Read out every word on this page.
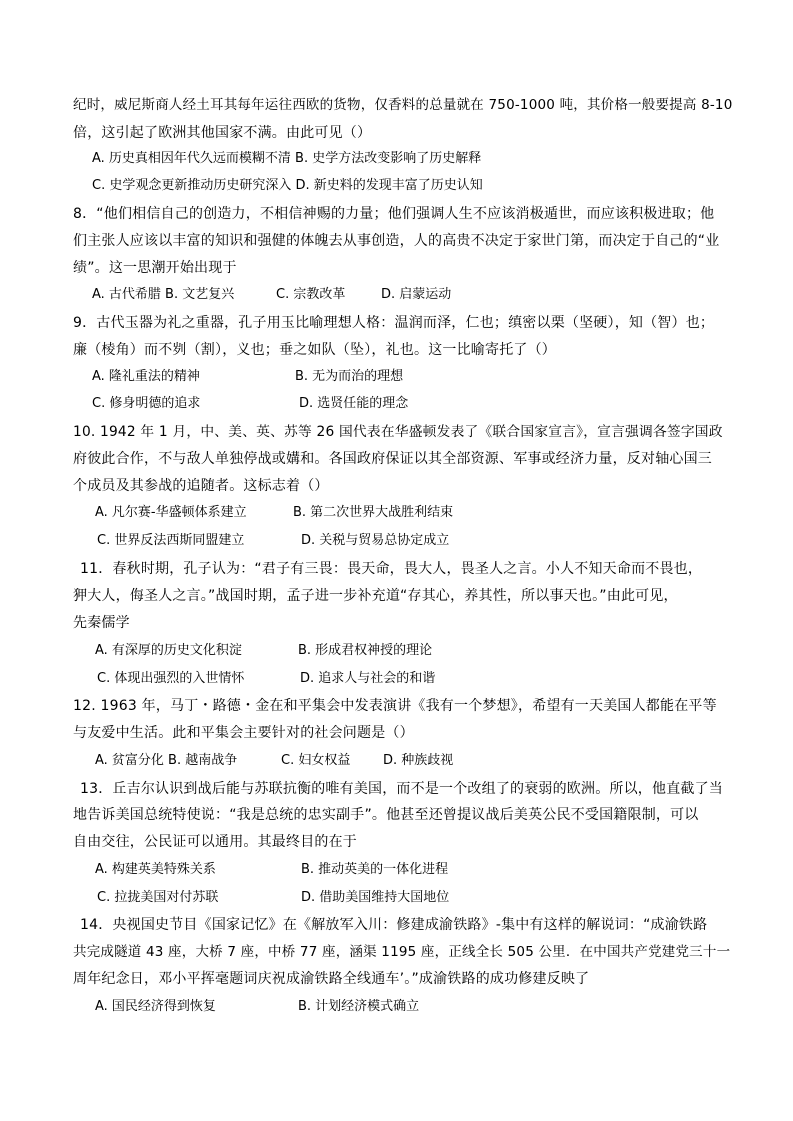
纪时，威尼斯商人经土耳其每年运往西欧的货物，仅香料的总量就在 750-1000 吨，其价格一般要提高 8-10
倍，这引起了欧洲其他国家不满。由此可见（）
A. 历史真相因年代久远而模糊不清 B. 史学方法改变影响了历史解释
C. 史学观念更新推动历史研究深入 D. 新史料的发现丰富了历史认知
8．“他们相信自己的创造力，不相信神赐的力量；他们强调人生不应该消极遁世，而应该积极进取；他
们主张人应该以丰富的知识和强健的体魄去从事创造，人的高贵不决定于家世门第，而决定于自己的“业
绩”。这一思潮开始出现于
A. 古代希腊 B. 文艺复兴	C. 宗教改革	D. 启蒙运动
9．古代玉器为礼之重器，孔子用玉比喻理想人格：温润而泽，仁也；缜密以栗（坚硬），知（智）也；
廉（棱角）而不刿（割），义也；垂之如队（坠），礼也。这一比喻寄托了（）
A. 隆礼重法的精神	B. 无为而治的理想
C. 修身明德的追求	D. 选贤任能的理念
10. 1942 年 1 月，中、美、英、苏等 26 国代表在华盛顿发表了《联合国家宣言》，宣言强调各签字国政
府彼此合作，不与敌人单独停战或媾和。各国政府保证以其全部资源、军事或经济力量，反对轴心国三
个成员及其参战的追随者。这标志着（）
A. 凡尔赛-华盛顿体系建立	B. 第二次世界大战胜利结束
C. 世界反法西斯同盟建立	D. 关税与贸易总协定成立
11．春秋时期，孔子认为：“君子有三畏：畏天命，畏大人，畏圣人之言。小人不知天命而不畏也，
狎大人，侮圣人之言。”战国时期，孟子进一步补充道“存其心，养其性，所以事天也。”由此可见，
先秦儒学
A. 有深厚的历史文化积淀	B. 形成君权神授的理论
C. 体现出强烈的入世情怀	D. 追求人与社会的和谐
12. 1963 年，马丁・路德・金在和平集会中发表演讲《我有一个梦想》，希望有一天美国人都能在平等
与友爱中生活。此和平集会主要针对的社会问题是（）
A. 贫富分化 B. 越南战争	C. 妇女权益	D. 种族歧视
13．丘吉尔认识到战后能与苏联抗衡的唯有美国，而不是一个改组了的衰弱的欧洲。所以，他直截了当
地告诉美国总统特使说：“我是总统的忠实副手”。他甚至还曾提议战后美英公民不受国籍限制，可以
自由交往，公民证可以通用。其最终目的在于
A. 构建英美特殊关系	B. 推动英美的一体化进程
C. 拉拢美国对付苏联	D. 借助美国维持大国地位
14．央视国史节目《国家记忆》在《解放军入川：修建成渝铁路》-集中有这样的解说词：“成渝铁路
共完成隧道 43 座，大桥 7 座，中桥 77 座，涵渠 1195 座，正线全长 505 公里．在中国共产党建党三十一
周年纪念日，邓小平挥毫题词庆祝成渝铁路全线通车’。”成渝铁路的成功修建反映了
A. 国民经济得到恢复	B. 计划经济模式确立
